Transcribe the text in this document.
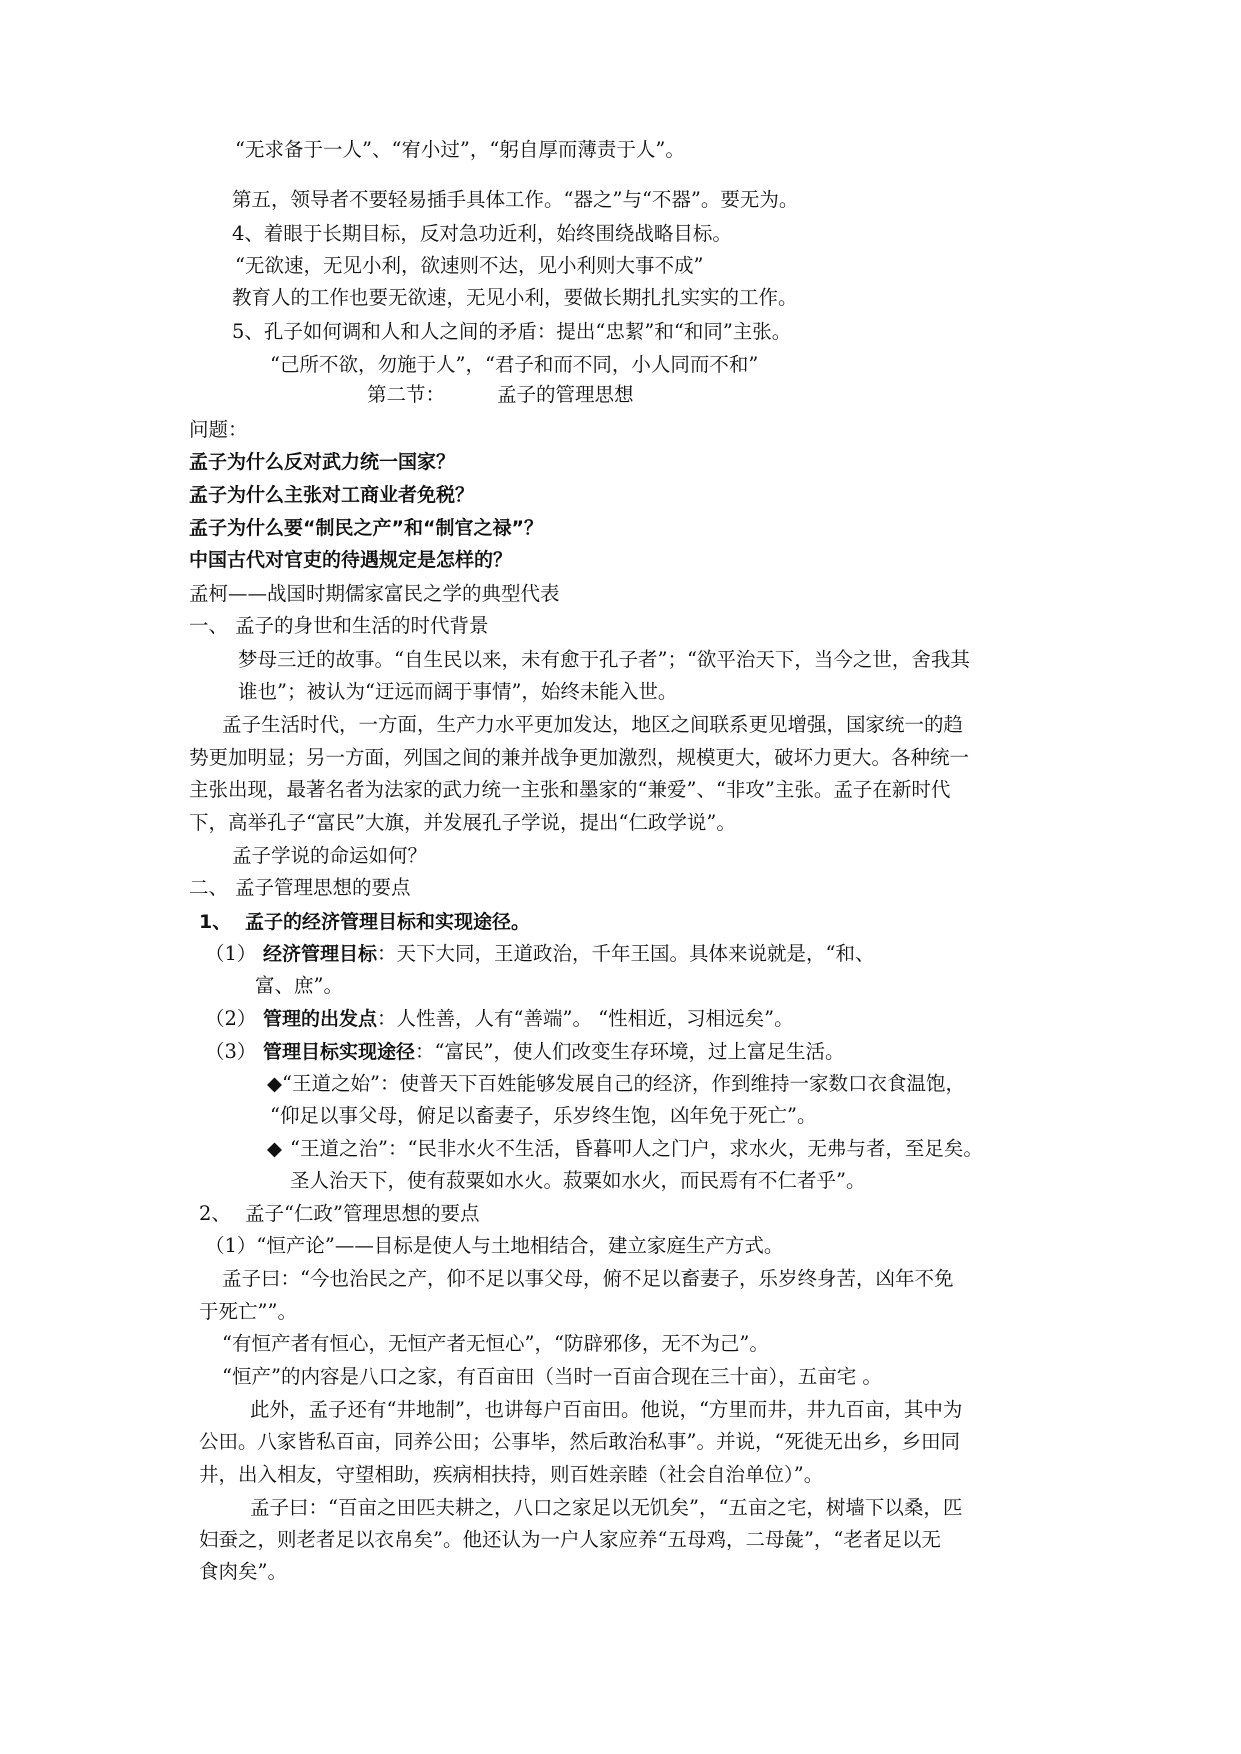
“无求备于一人”、“宥小过”，“躬自厚而薄责于人”。
第五，领导者不要轻易插手具体工作。“器之”与“不器”。要无为。
4、着眼于长期目标，反对急功近利，始终围绕战略目标。
“无欲速，无见小利，欲速则不达，见小利则大事不成”
教育人的工作也要无欲速，无见小利，要做长期扎扎实实的工作。
5、孔子如何调和人和人之间的矛盾：提出“忠絜”和“和同”主张。
“己所不欲，勿施于人”，“君子和而不同，小人同而不和”
第二节：	孟子的管理思想
问题：
孟子为什么反对武力统一国家？
孟子为什么主张对工商业者免税？
孟子为什么要“制民之产”和“制官之禄”？
中国古代对官吏的待遇规定是怎样的？
孟柯——战国时期儒家富民之学的典型代表
一、 孟子的身世和生活的时代背景
梦母三迁的故事。“自生民以来，未有愈于孔子者”；“欲平治天下，当今之世，舍我其
谁也”；被认为“迂远而阔于事情”，始终未能入世。
孟子生活时代，一方面，生产力水平更加发达，地区之间联系更见增强，国家统一的趋
势更加明显；另一方面，列国之间的兼并战争更加激烈，规模更大，破坏力更大。各种统一
主张出现，最著名者为法家的武力统一主张和墨家的“兼爱”、“非攻”主张。孟子在新时代
下，高举孔子“富民”大旗，并发展孔子学说，提出“仁政学说”。
孟子学说的命运如何？
二、 孟子管理思想的要点
1、 孟子的经济管理目标和实现途径。
（1） 经济管理目标：天下大同，王道政治，千年王国。具体来说就是，“和、
富、庶”。
（2） 管理的出发点：人性善，人有“善端”。 “性相近，习相远矣”。
（3） 管理目标实现途径：“富民”，使人们改变生存环境，过上富足生活。
◆“王道之始”：使普天下百姓能够发展自己的经济，作到维持一家数口衣食温饱，
“仰足以事父母，俯足以畜妻子，乐岁终生饱，凶年免于死亡”。
◆ “王道之治”：“民非水火不生活，昏暮叩人之门户，求水火，无弗与者，至足矣。
圣人治天下，使有菽粟如水火。菽粟如水火，而民焉有不仁者乎”。
2、 孟子“仁政”管理思想的要点
（1）“恒产论”——目标是使人与土地相结合，建立家庭生产方式。
孟子曰：“今也治民之产，仰不足以事父母，俯不足以畜妻子，乐岁终身苦，凶年不免
于死亡””。
“有恒产者有恒心，无恒产者无恒心”，“防辟邪侈，无不为己”。
“恒产”的内容是八口之家，有百亩田（当时一百亩合现在三十亩），五亩宅 。
此外，孟子还有“井地制”，也讲每户百亩田。他说，“方里而井，井九百亩，其中为
公田。八家皆私百亩，同养公田；公事毕，然后敢治私事”。并说，“死徙无出乡，乡田同
井，出入相友，守望相助，疾病相扶持，则百姓亲睦（社会自治单位）”。
孟子曰：“百亩之田匹夫耕之，八口之家足以无饥矣”，“五亩之宅，树墙下以桑，匹
妇蚕之，则老者足以衣帛矣”。他还认为一户人家应养“五母鸡，二母彘”，“老者足以无
食肉矣”。
